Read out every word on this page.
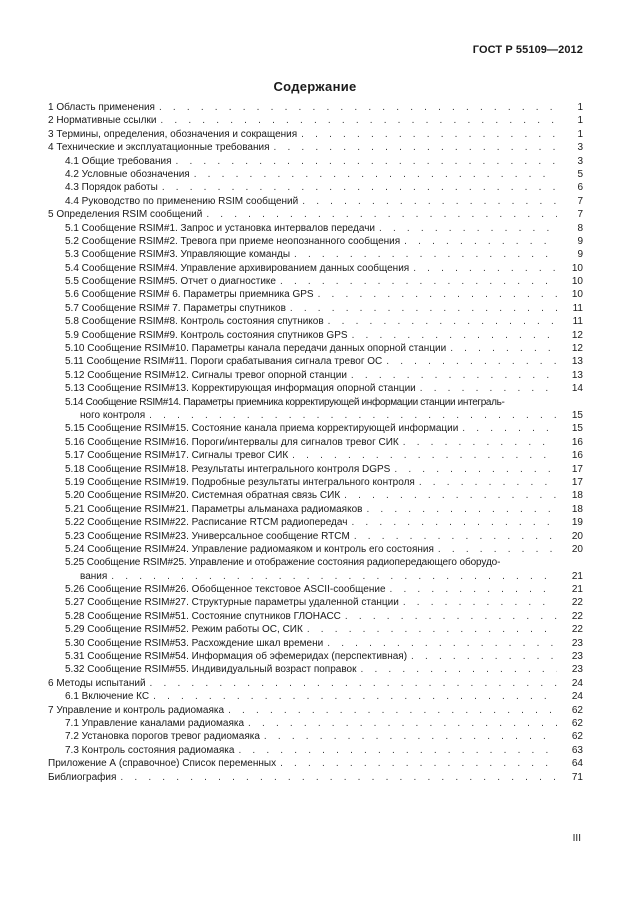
ГОСТ Р 55109—2012
Содержание
1 Область применения . . .	1
2 Нормативные ссылки . . .	1
3 Термины, определения, обозначения и сокращения . . .	1
4 Технические и эксплуатационные требования . . .	3
4.1 Общие требования . . .	3
4.2 Условные обозначения . . .	5
4.3 Порядок работы . . .	6
4.4 Руководство по применению RSIM сообщений . . .	7
5 Определения RSIM сообщений . . .	7
5.1 Сообщение RSIM#1. Запрос и установка интервалов передачи . . .	8
5.2 Сообщение RSIM#2. Тревога при приеме неопознанного сообщения . . .	9
5.3 Сообщение RSIM#3. Управляющие команды . . .	9
5.4 Сообщение RSIM#4. Управление архивированием данных сообщения . . .	10
5.5 Сообщение RSIM#5. Отчет о диагностике . . .	10
5.6 Сообщение RSIM# 6. Параметры приемника GPS . . .	10
5.7 Сообщение RSIM# 7. Параметры спутников . . .	11
5.8 Сообщение RSIM#8. Контроль состояния спутников . . .	11
5.9 Сообщение RSIM#9. Контроль состояния спутников GPS . . .	12
5.10 Сообщение RSIM#10. Параметры канала передачи данных опорной станции . . .	12
5.11 Сообщение RSIM#11. Пороги срабатывания сигнала тревог ОС . . .	13
5.12 Сообщение RSIM#12. Сигналы тревог опорной станции . . .	13
5.13 Сообщение RSIM#13. Корректирующая информация опорной станции . . .	14
5.14 Сообщение RSIM#14. Параметры приемника корректирующей информации станции интеграль-
ного контроля . . .	15
5.15 Сообщение RSIM#15. Состояние канала приема корректирующей информации . . .	15
5.16 Сообщение RSIM#16. Пороги/интервалы для сигналов тревог СИК . . .	16
5.17 Сообщение RSIM#17. Сигналы тревог СИК . . .	16
5.18 Сообщение RSIM#18. Результаты интегрального контроля DGPS . . .	17
5.19 Сообщение RSIM#19. Подробные результаты интегрального контроля . . .	17
5.20 Сообщение RSIM#20. Системная обратная связь СИК . . .	18
5.21 Сообщение RSIM#21. Параметры альманаха радиомаяков . . .	18
5.22 Сообщение RSIM#22. Расписание RTCM радиопередач . . .	19
5.23 Сообщение RSIM#23. Универсальное сообщение RTCM . . .	20
5.24 Сообщение RSIM#24. Управление радиомаяком и контроль его состояния . . .	20
5.25 Сообщение RSIM#25. Управление и отображение состояния радиопередающего оборудо-
вания . . .	21
5.26 Сообщение RSIM#26. Обобщенное текстовое ASCII-сообщение . . .	21
5.27 Сообщение RSIM#27. Структурные параметры удаленной станции . . .	22
5.28 Сообщение RSIM#51. Состояние спутников ГЛОНАСС . . .	22
5.29 Сообщение RSIM#52. Режим работы ОС, СИК . . .	22
5.30 Сообщение RSIM#53. Расхождение шкал времени . . .	23
5.31 Сообщение RSIM#54. Информация об эфемеридах (перспективная) . . .	23
5.32 Сообщение RSIM#55. Индивидуальный возраст поправок . . .	23
6 Методы испытаний . . .	24
6.1 Включение КС . . .	24
7 Управление и контроль радиомаяка . . .	62
7.1 Управление каналами радиомаяка . . .	62
7.2 Установка порогов тревог радиомаяка . . .	62
7.3 Контроль состояния радиомаяка . . .	63
Приложение А (справочное) Список переменных . . .	64
Библиография . . .	71
III
